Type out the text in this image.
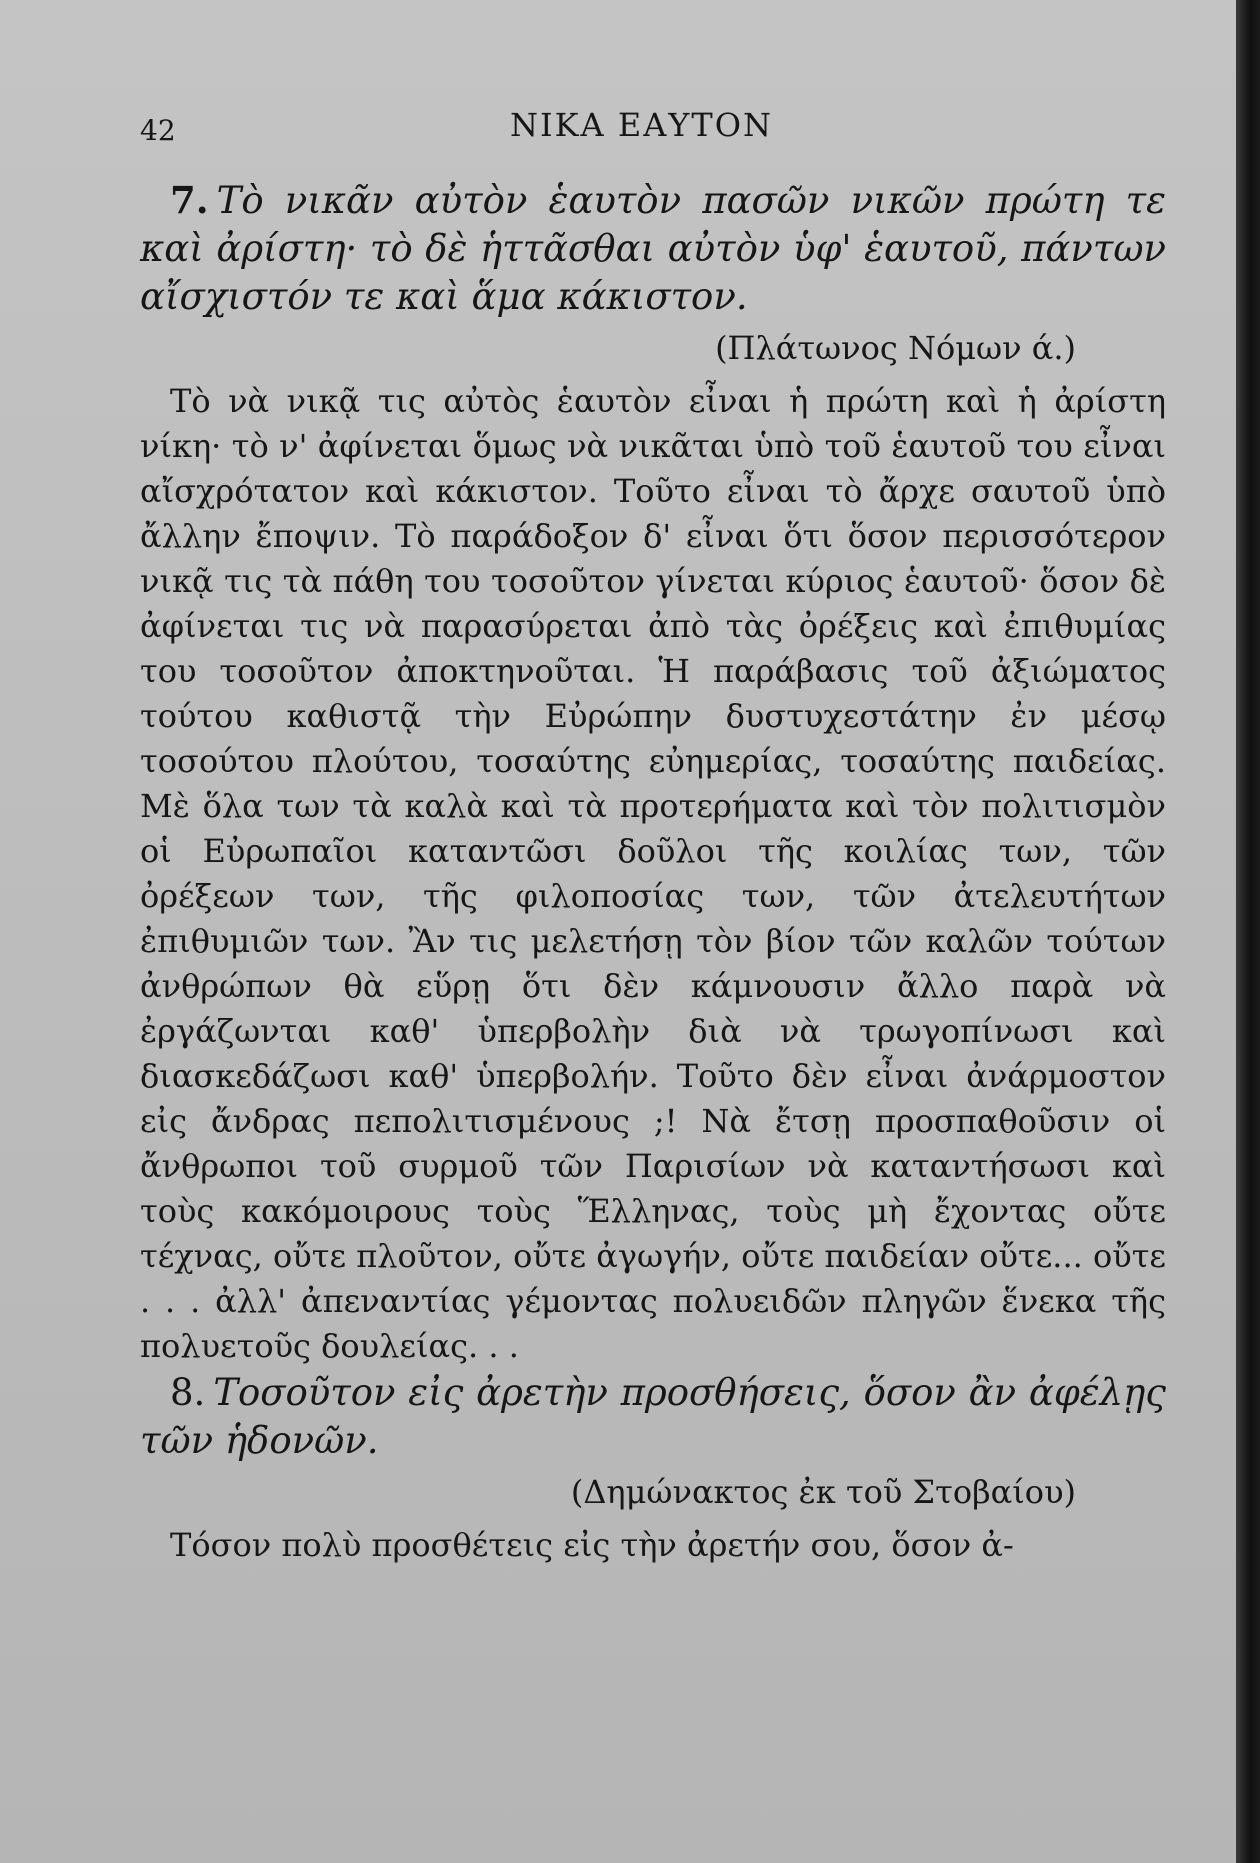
42	ΝΙΚΑ ΕΑΥΤΟΝ

7. Τὸ νικᾶν αὐτὸν ἑαυτὸν πασῶν νικῶν πρώτη τε καὶ ἀρίστη· τὸ δὲ ἡττᾶσθαι αὐτὸν ὑφ' ἑαυτοῦ, πάντων αἴσχιστόν τε καὶ ἅμα κάκιστον.

(Πλάτωνος Νόμων ά.)

Τὸ νὰ νικᾷ τις αὐτὸς ἑαυτὸν εἶναι ἡ πρώτη καὶ ἡ ἀρίστη νίκη· τὸ ν' ἀφίνεται ὅμως νὰ νικᾶται ὑπὸ τοῦ ἑαυτοῦ του εἶναι αἴσχρότατον καὶ κάκιστον. Τοῦτο εἶναι τὸ ἄρχε σαυτοῦ ὑπὸ ἄλλην ἔποψιν. Τὸ παράδοξον δ' εἶναι ὅτι ὅσον περισσότερον νικᾷ τις τὰ πάθη του τοσοῦτον γίνεται κύριος ἑαυτοῦ· ὅσον δὲ ἀφίνεται τις νὰ παρασύρεται ἀπὸ τὰς ὀρέξεις καὶ ἐπιθυμίας του τοσοῦτον ἀποκτηνοῦται. Ἡ παράβασις τοῦ ἀξιώματος τούτου καθιστᾷ τὴν Εὐρώπην δυστυχεστάτην ἐν μέσῳ τοσούτου πλούτου, τοσαύτης εὐημερίας, τοσαύτης παιδείας. Μὲ ὅλα των τὰ καλὰ καὶ τὰ προτερήματα καὶ τὸν πολιτισμὸν οἱ Εὐρωπαῖοι καταντῶσι δοῦλοι τῆς κοιλίας των, τῶν ὀρέξεων των, τῆς φιλοποσίας των, τῶν ἀτελευτήτων ἐπιθυμιῶν των. Ἂν τις μελετήσῃ τὸν βίον τῶν καλῶν τούτων ἀνθρώπων θὰ εὕρῃ ὅτι δὲν κάμνουσιν ἄλλο παρὰ νὰ ἐργάζωνται καθ' ὑπερβολὴν διὰ νὰ τρωγοπίνωσι καὶ διασκεδάζωσι καθ' ὑπερβολήν. Τοῦτο δὲν εἶναι ἀνάρμοστον εἰς ἄνδρας πεπολιτισμένους ;! Νὰ ἔτσῃ προσπαθοῦσιν οἱ ἄνθρωποι τοῦ συρμοῦ τῶν Παρισίων νὰ καταντήσωσι καὶ τοὺς κακόμοιρους τοὺς Ἕλληνας, τοὺς μὴ ἔχοντας οὔτε τέχνας, οὔτε πλοῦτον, οὔτε ἀγωγήν, οὔτε παιδείαν οὔτε... οὔτε . . . ἀλλ' ἀπεναντίας γέμοντας πολυειδῶν πληγῶν ἕνεκα τῆς πολυετοῦς δουλείας. . .

8. Τοσοῦτον εἰς ἀρετὴν προσθήσεις, ὅσον ἂν ἀφέλῃς τῶν ἡδονῶν.

(Δημώνακτος ἐκ τοῦ Στοβαίου)

Τόσον πολὺ προσθέτεις εἰς τὴν ἀρετήν σου, ὅσον ἀ-
